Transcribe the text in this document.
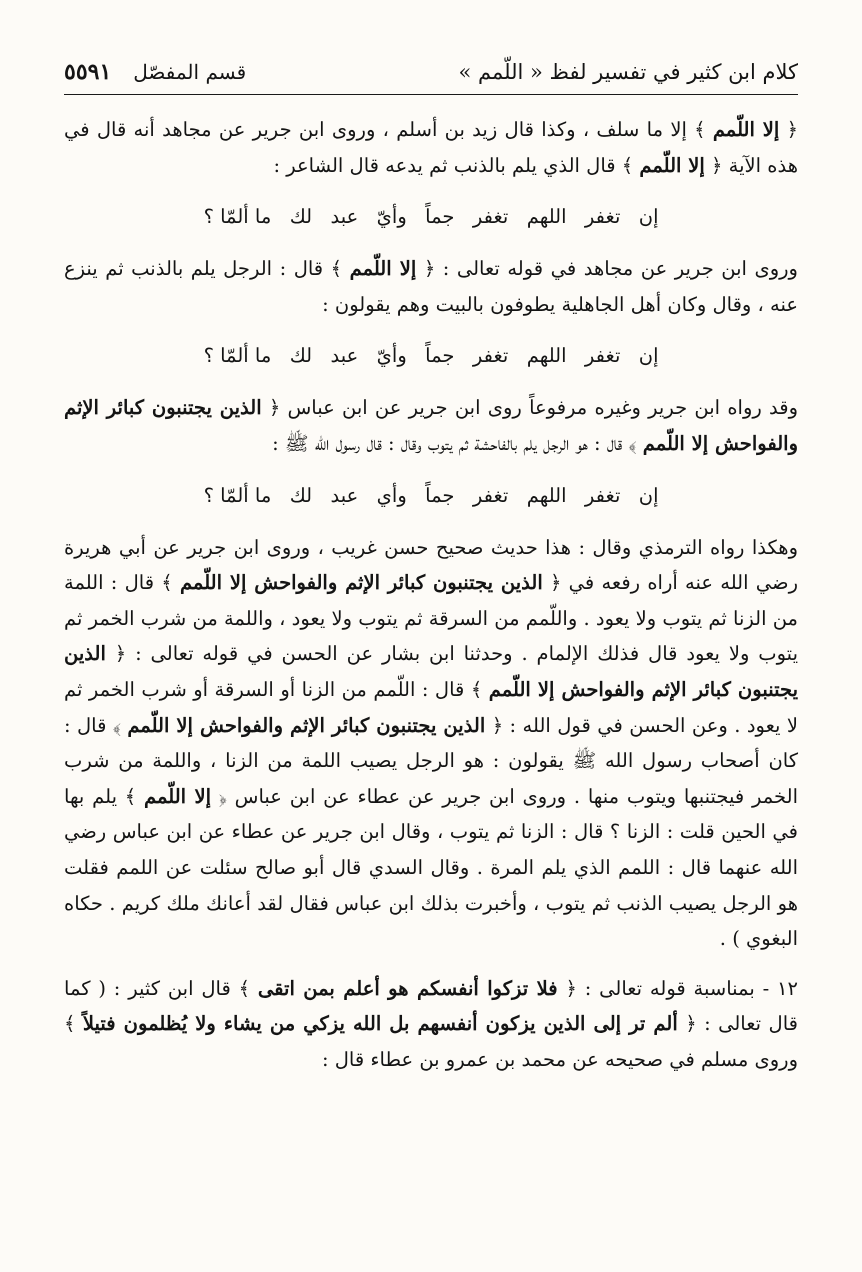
كلام ابن كثير في تفسير لفظ « اللّمم »
قسم المفصّل
٥٥٩١

﴿ إلا اللّمم ﴾ إلا ما سلف ، وكذا قال زيد بن أسلم ، وروى ابن جرير عن مجاهد أنه قال في هذه الآية ﴿ إلا اللّمم ﴾ قال الذي يلم بالذنب ثم يدعه قال الشاعر :

إن
تغفر
اللهم
تغفر
جماً
وأيّ
عبد
لك
ما ألمّا ؟

وروى ابن جرير عن مجاهد في قوله تعالى : ﴿ إلا اللّمم ﴾ قال : الرجل يلم بالذنب ثم ينزع عنه ، وقال وكان أهل الجاهلية يطوفون بالبيت وهم يقولون :

إن
تغفر
اللهم
تغفر
جماً
وأيّ
عبد
لك
ما ألمّا ؟

وقد رواه ابن جرير وغيره مرفوعاً روى ابن جرير عن ابن عباس ﴿ الذين يجتنبون كبائر الإثم والفواحش إلا اللّمم ﴾ قال : هو الرجل يلم بالفاحشة ثم يتوب وقال : قال رسول الله ﷺ :

إن
تغفر
اللهم
تغفر
جماً
وأي
عبد
لك
ما ألمّا ؟

وهكذا رواه الترمذي وقال : هذا حديث صحيح حسن غريب ، وروى ابن جرير عن أبي هريرة رضي الله عنه أراه رفعه في ﴿ الذين يجتنبون كبائر الإثم والفواحش إلا اللّمم ﴾ قال : اللمة من الزنا ثم يتوب ولا يعود . واللّمم من السرقة ثم يتوب ولا يعود ، واللمة من شرب الخمر ثم يتوب ولا يعود قال فذلك الإلمام . وحدثنا ابن بشار عن الحسن في قوله تعالى : ﴿ الذين يجتنبون كبائر الإثم والفواحش إلا اللّمم ﴾ قال : اللّمم من الزنا أو السرقة أو شرب الخمر ثم لا يعود . وعن الحسن في قول الله : ﴿ الذين يجتنبون كبائر الإثم والفواحش إلا اللّمم ﴾ قال : كان أصحاب رسول الله ﷺ يقولون : هو الرجل يصيب اللمة من الزنا ، واللمة من شرب الخمر فيجتنبها ويتوب منها . وروى ابن جرير عن عطاء عن ابن عباس ﴿ إلا اللّمم ﴾ يلم بها في الحين قلت : الزنا ؟ قال : الزنا ثم يتوب ، وقال ابن جرير عن عطاء عن ابن عباس رضي الله عنهما قال : اللمم الذي يلم المرة . وقال السدي قال أبو صالح سئلت عن اللمم فقلت هو الرجل يصيب الذنب ثم يتوب ، وأخبرت بذلك ابن عباس فقال لقد أعانك ملك كريم . حكاه البغوي ) .

١٢ - بمناسبة قوله تعالى : ﴿ فلا تزكوا أنفسكم هو أعلم بمن اتقى ﴾ قال ابن كثير : ( كما قال تعالى : ﴿ ألم تر إلى الذين يزكون أنفسهم بل الله يزكي من يشاء ولا يُظلمون فتيلاً ﴾ وروى مسلم في صحيحه عن محمد بن عمرو بن عطاء قال :
